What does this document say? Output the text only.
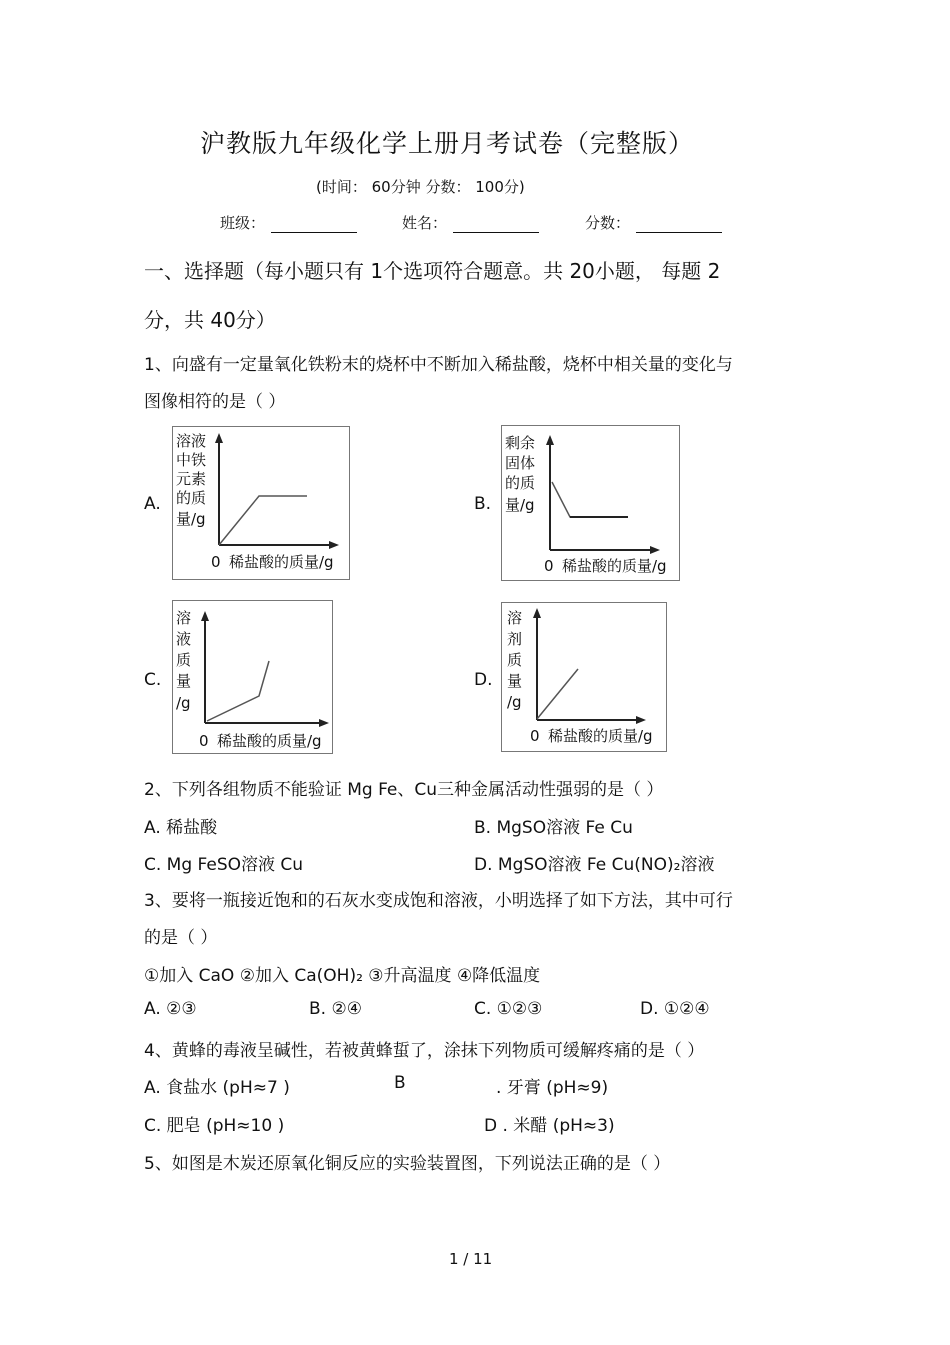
沪教版九年级化学上册月考试卷（完整版）
(时间： 60分钟 分数： 100分)
班级：	姓名：	分数：
一、选择题（每小题只有 1个选项符合题意。共 20小题， 每题 2
分，共 40分）
1、向盛有一定量氧化铁粉末的烧杯中不断加入稀盐酸，烧杯中相关量的变化与
图像相符的是（ ）
A.
溶液
中铁
元素
的质
量/g
0 稀盐酸的质量/g
B.
剩余
固体
的质
量/g
0 稀盐酸的质量/g
C.
溶
液
质
量
/g
0 稀盐酸的质量/g
D.
溶
剂
质
量
/g
0 稀盐酸的质量/g
2、下列各组物质不能验证 Mg Fe、Cu三种金属活动性强弱的是（ ）
A. 稀盐酸	B. MgSO溶液 Fe Cu
C. Mg FeSO溶液 Cu	D. MgSO溶液 Fe Cu(NO)₂溶液
3、要将一瓶接近饱和的石灰水变成饱和溶液，小明选择了如下方法，其中可行
的是（ ）
①加入 CaO ②加入 Ca(OH)₂ ③升高温度 ④降低温度
A. ②③	B. ②④	C. ①②③	D. ①②④
4、黄蜂的毒液呈碱性，若被黄蜂蜇了，涂抹下列物质可缓解疼痛的是（ ）
A. 食盐水 (pH≈7 )	B	. 牙膏 (pH≈9)
C. 肥皂 (pH≈10 )	D . 米醋 (pH≈3)
5、如图是木炭还原氧化铜反应的实验装置图，下列说法正确的是（ ）
1 / 11
